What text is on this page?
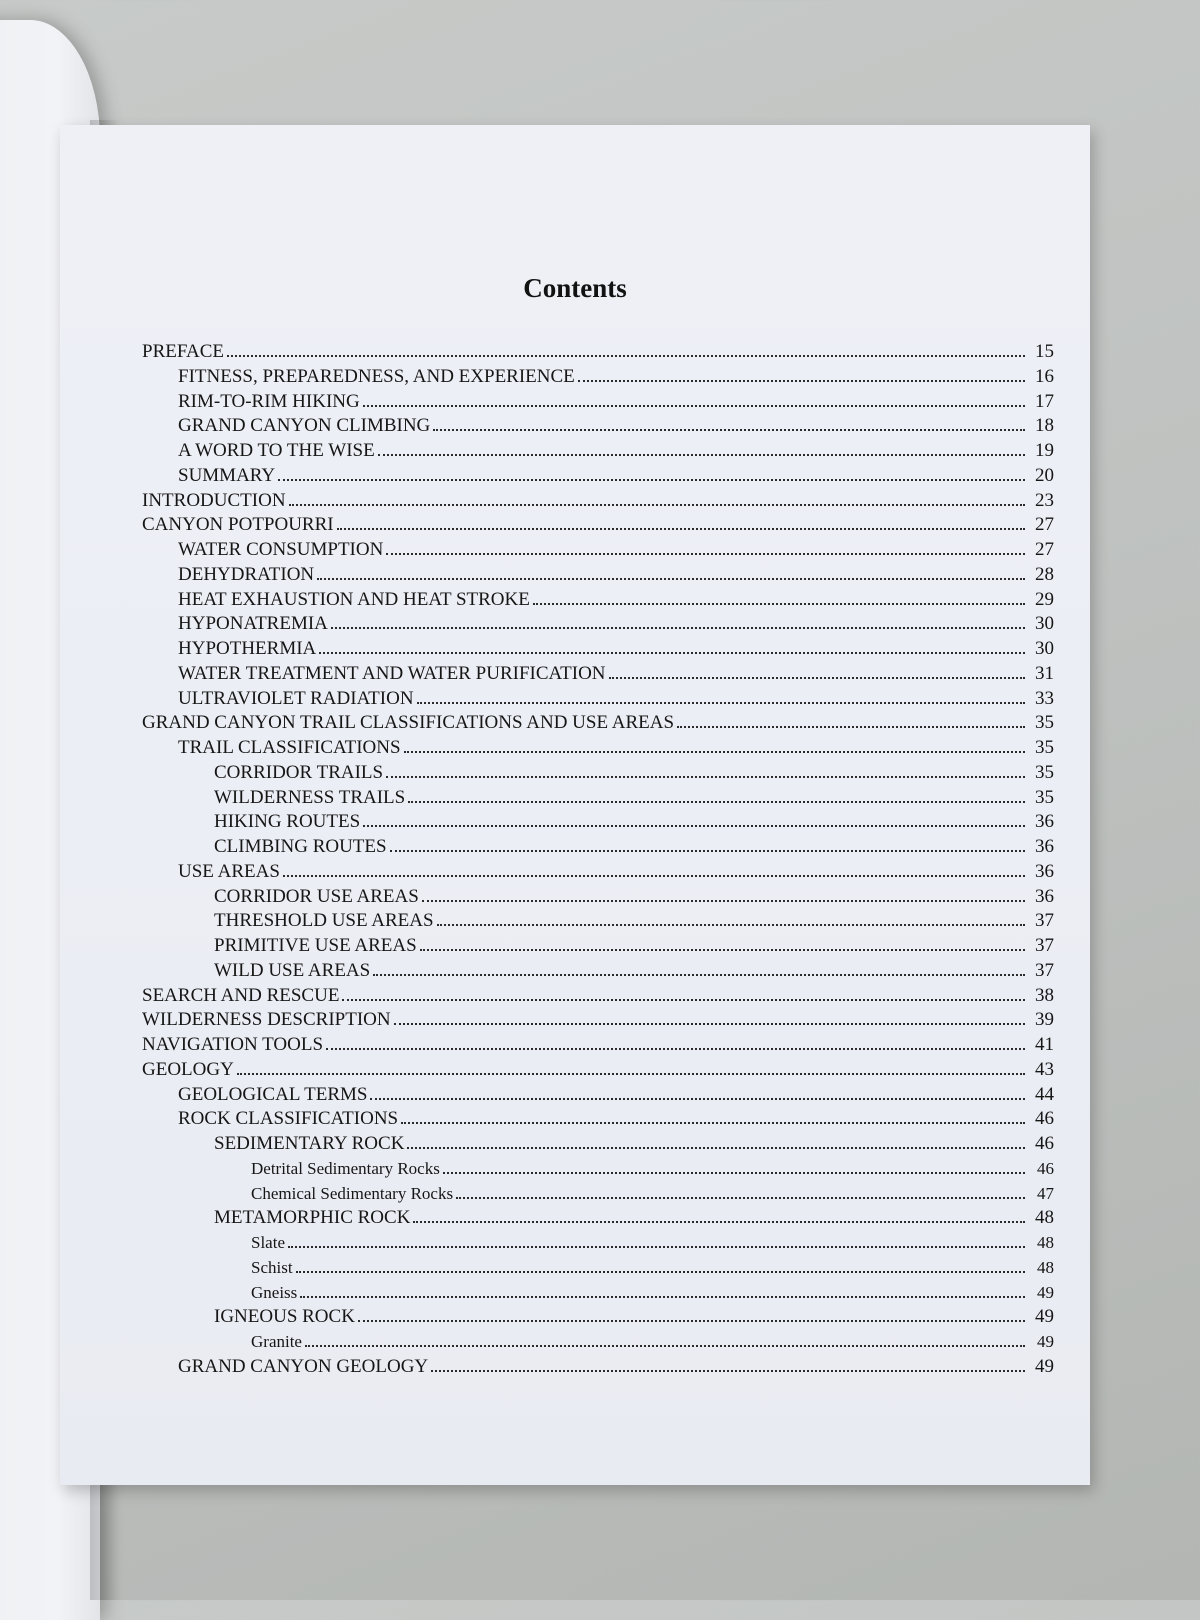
Contents
PREFACE	15
FITNESS, PREPAREDNESS, AND EXPERIENCE	16
RIM-TO-RIM HIKING	17
GRAND CANYON CLIMBING	18
A WORD TO THE WISE	19
SUMMARY	20
INTRODUCTION	23
CANYON POTPOURRI	27
WATER CONSUMPTION	27
DEHYDRATION	28
HEAT EXHAUSTION AND HEAT STROKE	29
HYPONATREMIA	30
HYPOTHERMIA	30
WATER TREATMENT AND WATER PURIFICATION	31
ULTRAVIOLET RADIATION	33
GRAND CANYON TRAIL CLASSIFICATIONS AND USE AREAS	35
TRAIL CLASSIFICATIONS	35
CORRIDOR TRAILS	35
WILDERNESS TRAILS	35
HIKING ROUTES	36
CLIMBING ROUTES	36
USE AREAS	36
CORRIDOR USE AREAS	36
THRESHOLD USE AREAS	37
PRIMITIVE USE AREAS	37
WILD USE AREAS	37
SEARCH AND RESCUE	38
WILDERNESS DESCRIPTION	39
NAVIGATION TOOLS	41
GEOLOGY	43
GEOLOGICAL TERMS	44
ROCK CLASSIFICATIONS	46
SEDIMENTARY ROCK	46
Detrital Sedimentary Rocks	46
Chemical Sedimentary Rocks	47
METAMORPHIC ROCK	48
Slate	48
Schist	48
Gneiss	49
IGNEOUS ROCK	49
Granite	49
GRAND CANYON GEOLOGY	49
